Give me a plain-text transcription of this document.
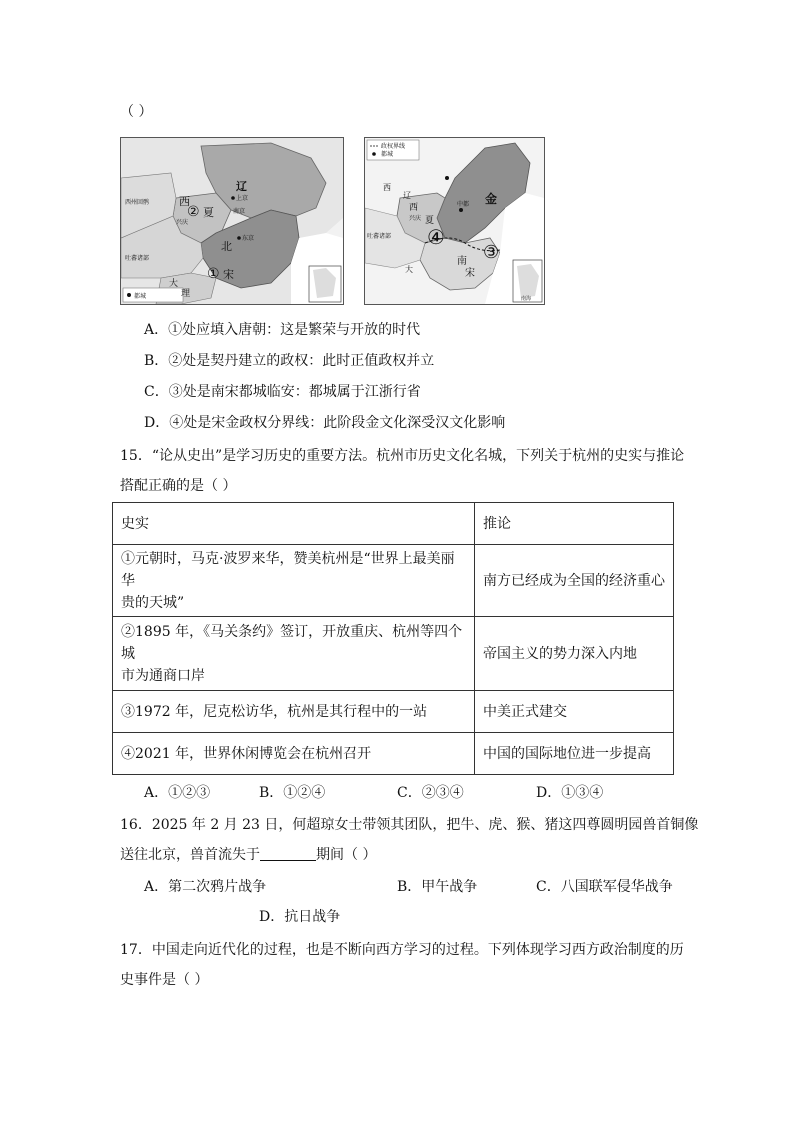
（ ）
都城
辽
上京
西
② 夏
兴庆
南京
北
东京
① 宋
西州回鹘
吐蕃诸部
大
理
政权界线
都城
金
西
辽
西
夏
兴庆
中都
④
③
南
宋
吐蕃诸部
大
南海
A．①处应填入唐朝：这是繁荣与开放的时代
B．②处是契丹建立的政权：此时正值政权并立
C．③处是南宋都城临安：都城属于江浙行省
D．④处是宋金政权分界线：此阶段金文化深受汉文化影响
15．“论从史出”是学习历史的重要方法。杭州市历史文化名城，下列关于杭州的史实与推论
搭配正确的是（ ）
史实	推论

①元朝时，马克·波罗来华，赞美杭州是“世界上最美丽华
贵的天城”	南方已经成为全国的经济重心

②1895 年，《马关条约》签订，开放重庆、杭州等四个城
市为通商口岸	帝国主义的势力深入内地
③1972 年，尼克松访华，杭州是其行程中的一站	中美正式建交
④2021 年，世界休闲博览会在杭州召开	中国的国际地位进一步提高
A．①②③	B．①②④	C．②③④	D．①③④
16．2025 年 2 月 23 日，何超琼女士带领其团队，把牛、虎、猴、猪这四尊圆明园兽首铜像
送往北京，兽首流失于	期间（ ）
A．第二次鸦片战争	B．甲午战争	C．八国联军侵华战争
D．抗日战争
17．中国走向近代化的过程，也是不断向西方学习的过程。下列体现学习西方政治制度的历
史事件是（ ）
